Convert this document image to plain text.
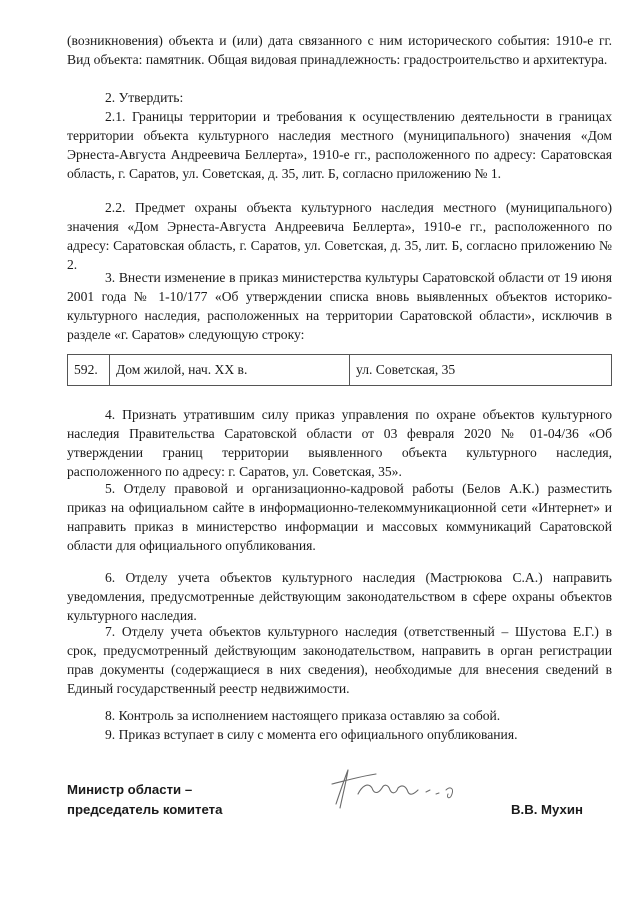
(возникновения) объекта и (или) дата связанного с ним исторического события: 1910-е гг. Вид объекта: памятник. Общая видовая принадлежность: градостроительство и архитектура.

2. Утвердить:

2.1. Границы территории и требования к осуществлению деятельности в границах территории объекта культурного наследия местного (муниципального) значения «Дом Эрнеста-Августа Андреевича Беллерта», 1910-е гг., расположенного по адресу: Саратовская область, г. Саратов, ул. Советская, д. 35, лит. Б, согласно приложению № 1.

2.2. Предмет охраны объекта культурного наследия местного (муниципального) значения «Дом Эрнеста-Августа Андреевича Беллерта», 1910-е гг., расположенного по адресу: Саратовская область, г. Саратов, ул. Советская, д. 35, лит. Б, согласно приложению № 2.

3. Внести изменение в приказ министерства культуры Саратовской области от 19 июня 2001 года № 1-10/177 «Об утверждении списка вновь выявленных объектов историко-культурного наследия, расположенных на территории Саратовской области», исключив в разделе «г. Саратов» следующую строку:

592.	Дом жилой, нач. XX в.	ул. Советская, 35

4. Признать утратившим силу приказ управления по охране объектов культурного наследия Правительства Саратовской области от 03 февраля 2020 № 01-04/36 «Об утверждении границ территории выявленного объекта культурного наследия, расположенного по адресу: г. Саратов, ул. Советская, 35».

5. Отделу правовой и организационно-кадровой работы (Белов А.К.) разместить приказ на официальном сайте в информационно-телекоммуникационной сети «Интернет» и направить приказ в министерство информации и массовых коммуникаций Саратовской области для официального опубликования.

6. Отделу учета объектов культурного наследия (Мастрюкова С.А.) направить уведомления, предусмотренные действующим законодательством в сфере охраны объектов культурного наследия.

7. Отделу учета объектов культурного наследия (ответственный – Шустова Е.Г.) в срок, предусмотренный действующим законодательством, направить в орган регистрации прав документы (содержащиеся в них сведения), необходимые для внесения сведений в Единый государственный реестр недвижимости.

8. Контроль за исполнением настоящего приказа оставляю за собой.

9. Приказ вступает в силу с момента его официального опубликования.

Министр области –
председатель комитета	В.В. Мухин
